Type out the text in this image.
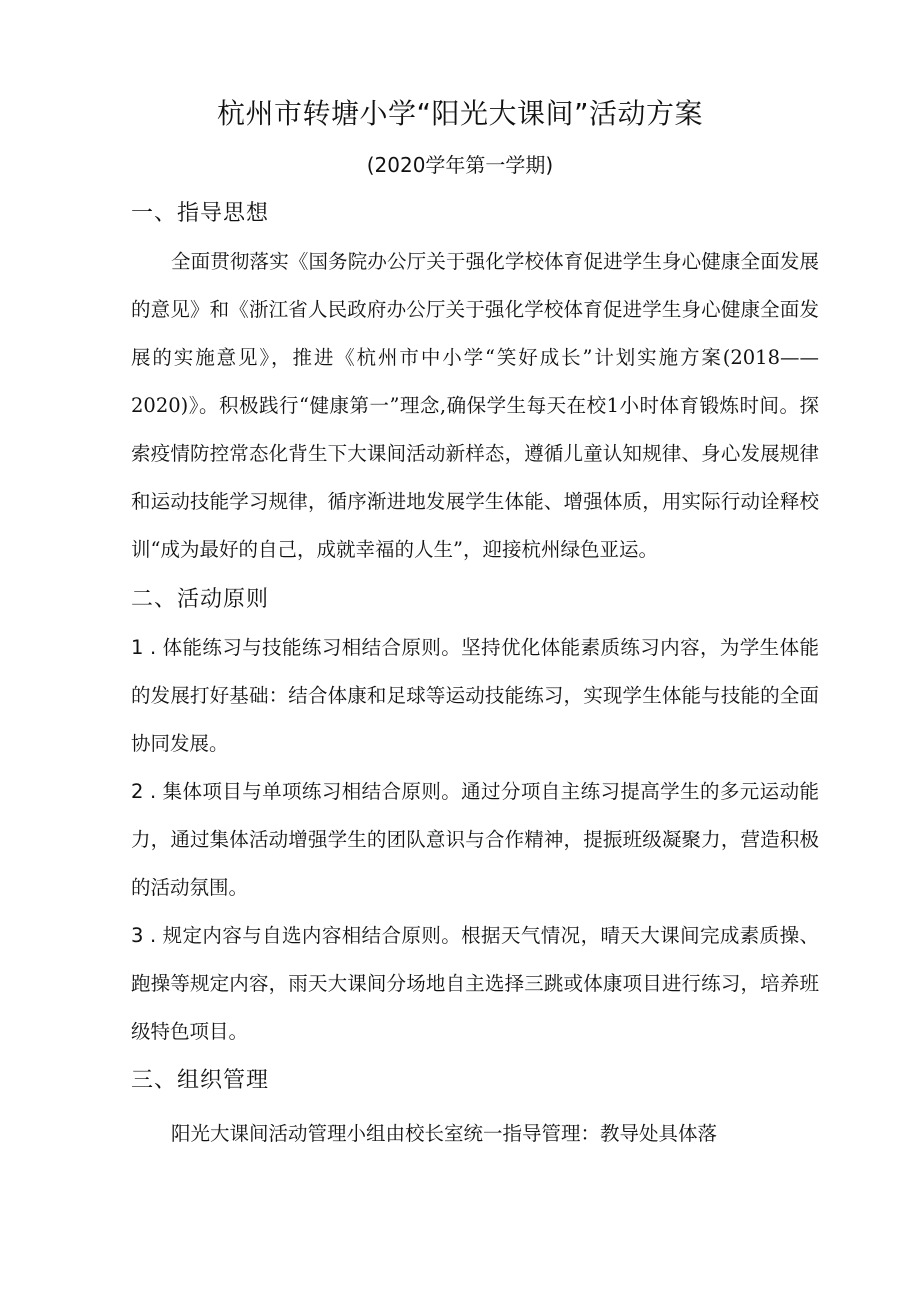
杭州市转塘小学“阳光大课间”活动方案

(2020学年第一学期)

一、指导思想

全面贯彻落实《国务院办公厅关于强化学校体育促进学生身心健康全面发展的意见》和《浙江省人民政府办公厅关于强化学校体育促进学生身心健康全面发展的实施意见》，推进《杭州市中小学“笑好成长”计划实施方案(2018——2020)》。积极践行“健康第一”理念,确保学生每天在校1小时体育锻炼时间。探索疫情防控常态化背生下大课间活动新样态，遵循儿童认知规律、身心发展规律和运动技能学习规律，循序渐进地发展学生体能、增强体质，用实际行动诠释校训“成为最好的自己，成就幸福的人生”，迎接杭州绿色亚运。

二、活动原则

1 . 体能练习与技能练习相结合原则。坚持优化体能素质练习内容，为学生体能的发展打好基础：结合体康和足球等运动技能练习，实现学生体能与技能的全面协同发展。

2 . 集体项目与单项练习相结合原则。通过分项自主练习提高学生的多元运动能力，通过集体活动增强学生的团队意识与合作精神，提振班级凝聚力，营造积极的活动氛围。

3 . 规定内容与自选内容相结合原则。根据天气情况，晴天大课间完成素质操、跑操等规定内容，雨天大课间分场地自主选择三跳或体康项目进行练习，培养班级特色项目。

三、组织管理

阳光大课间活动管理小组由校长室统一指导管理：教导处具体落
